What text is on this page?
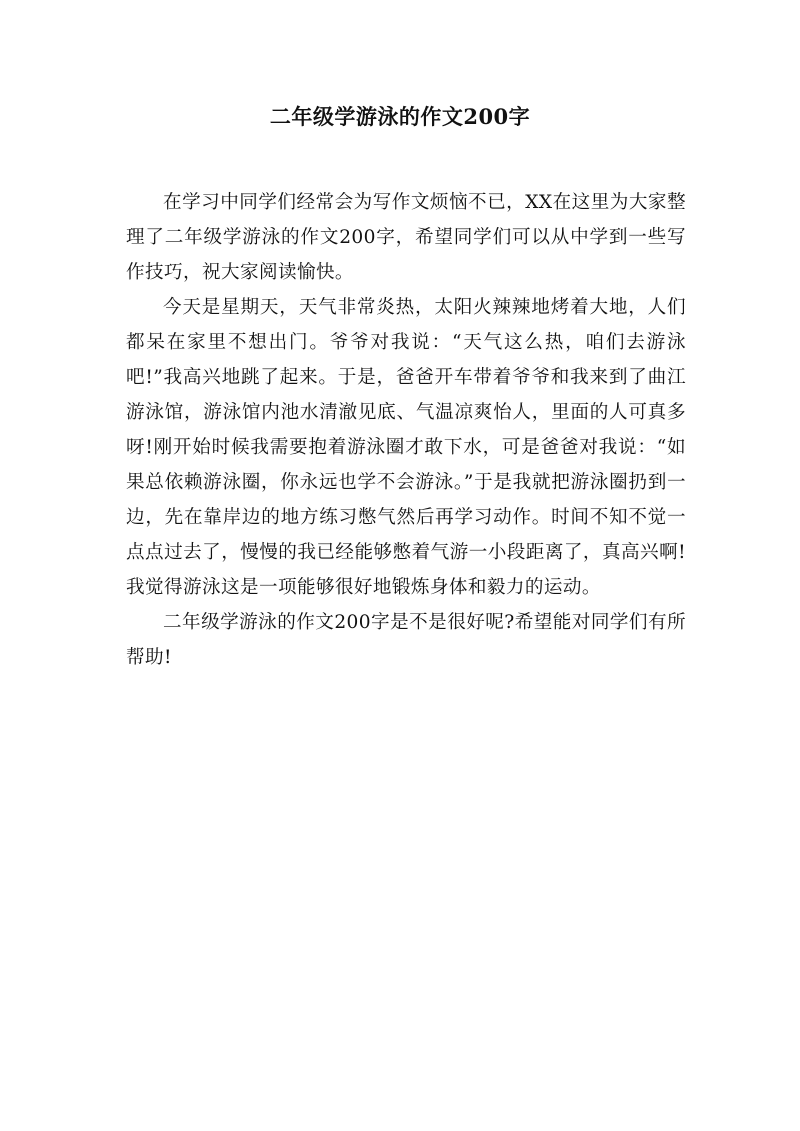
二年级学游泳的作文200字

在学习中同学们经常会为写作文烦恼不已，XX在这里为大家整理了二年级学游泳的作文200字，希望同学们可以从中学到一些写作技巧，祝大家阅读愉快。

今天是星期天，天气非常炎热，太阳火辣辣地烤着大地，人们都呆在家里不想出门。爷爷对我说：“天气这么热，咱们去游泳吧!”我高兴地跳了起来。于是，爸爸开车带着爷爷和我来到了曲江游泳馆，游泳馆内池水清澈见底、气温凉爽怡人，里面的人可真多呀!刚开始时候我需要抱着游泳圈才敢下水，可是爸爸对我说：“如果总依赖游泳圈，你永远也学不会游泳。”于是我就把游泳圈扔到一边，先在靠岸边的地方练习憋气然后再学习动作。时间不知不觉一点点过去了，慢慢的我已经能够憋着气游一小段距离了，真高兴啊!我觉得游泳这是一项能够很好地锻炼身体和毅力的运动。

二年级学游泳的作文200字是不是很好呢?希望能对同学们有所帮助!
